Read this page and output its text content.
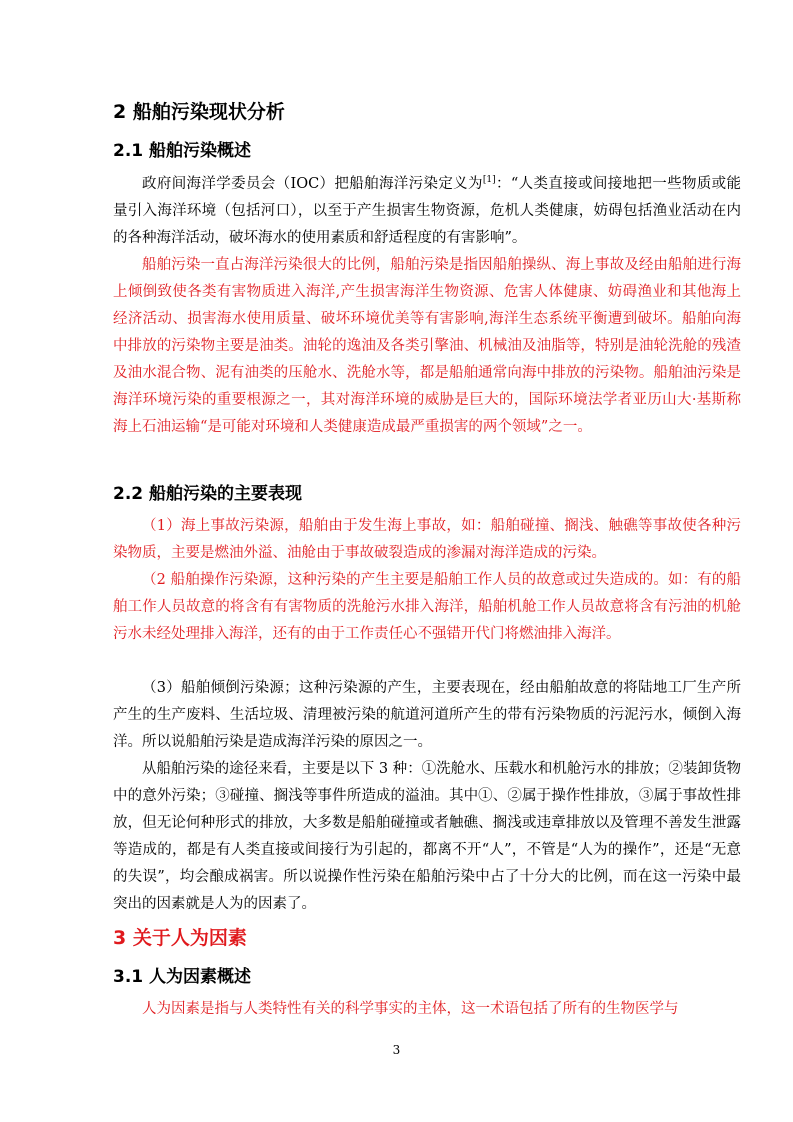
2 船舶污染现状分析
2.1 船舶污染概述

政府间海洋学委员会（IOC）把船舶海洋污染定义为[1]：“人类直接或间接地把一些物质或能量引入海洋环境（包括河口），以至于产生损害生物资源，危机人类健康，妨碍包括渔业活动在内的各种海洋活动，破坏海水的使用素质和舒适程度的有害影响”。

船舶污染一直占海洋污染很大的比例，船舶污染是指因船舶操纵、海上事故及经由船舶进行海上倾倒致使各类有害物质进入海洋,产生损害海洋生物资源、危害人体健康、妨碍渔业和其他海上经济活动、损害海水使用质量、破坏环境优美等有害影响,海洋生态系统平衡遭到破坏。船舶向海中排放的污染物主要是油类。油轮的逸油及各类引擎油、机械油及油脂等，特别是油轮洗舱的残渣及油水混合物、泥有油类的压舱水、洗舱水等，都是船舶通常向海中排放的污染物。船舶油污染是海洋环境污染的重要根源之一，其对海洋环境的威胁是巨大的，国际环境法学者亚历山大·基斯称海上石油运输“是可能对环境和人类健康造成最严重损害的两个领域”之一。

2.2 船舶污染的主要表现

（1）海上事故污染源，船舶由于发生海上事故，如：船舶碰撞、搁浅、触礁等事故使各种污染物质，主要是燃油外溢、油舱由于事故破裂造成的渗漏对海洋造成的污染。

（2 船舶操作污染源，这种污染的产生主要是船舶工作人员的故意或过失造成的。如：有的船舶工作人员故意的将含有有害物质的洗舱污水排入海洋，船舶机舱工作人员故意将含有污油的机舱污水未经处理排入海洋，还有的由于工作责任心不强错开代门将燃油排入海洋。

（3）船舶倾倒污染源；这种污染源的产生，主要表现在，经由船舶故意的将陆地工厂生产所产生的生产废料、生活垃圾、清理被污染的航道河道所产生的带有污染物质的污泥污水，倾倒入海洋。所以说船舶污染是造成海洋污染的原因之一。

从船舶污染的途径来看，主要是以下 3 种：①洗舱水、压载水和机舱污水的排放；②装卸货物中的意外污染；③碰撞、搁浅等事件所造成的溢油。其中①、②属于操作性排放，③属于事故性排放，但无论何种形式的排放，大多数是船舶碰撞或者触礁、搁浅或违章排放以及管理不善发生泄露等造成的，都是有人类直接或间接行为引起的，都离不开“人”，不管是“人为的操作”，还是“无意的失误”，均会酿成祸害。所以说操作性污染在船舶污染中占了十分大的比例，而在这一污染中最突出的因素就是人为的因素了。

3 关于人为因素
3.1 人为因素概述

人为因素是指与人类特性有关的科学事实的主体，这一术语包括了所有的生物医学与

3
